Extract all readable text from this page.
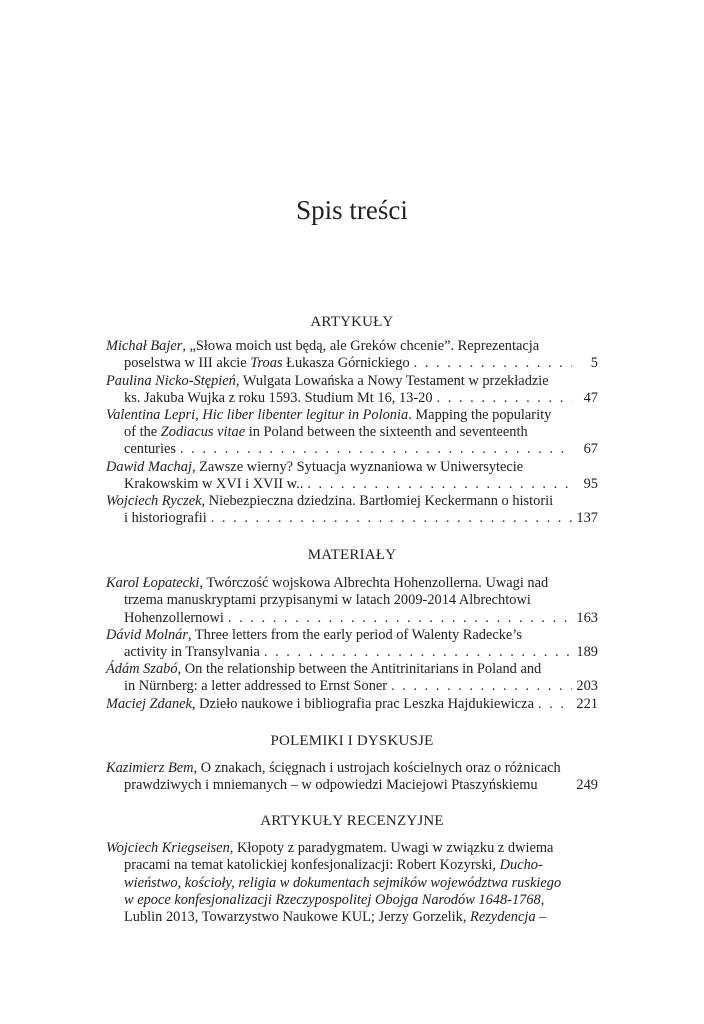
Spis treści
ARTYKUŁY
Michał Bajer, „Słowa moich ust będą, ale Greków chcenie”. Reprezentacja
poselstwa w III akcie Troas Łukasza Górnickiego . . .	5
Paulina Nicko-Stępień, Wulgata Lowańska a Nowy Testament w przekładzie
ks. Jakuba Wujka z roku 1593. Studium Mt 16, 13-20 . . .	47
Valentina Lepri, Hic liber libenter legitur in Polonia. Mapping the popularity
of the Zodiacus vitae in Poland between the sixteenth and seventeenth
centuries . . .	67
Dawid Machaj, Zawsze wierny? Sytuacja wyznaniowa w Uniwersytecie
Krakowskim w XVI i XVII w.. . . .	95
Wojciech Ryczek, Niebezpieczna dziedzina. Bartłomiej Keckermann o historii
i historiografii . . .	137
MATERIAŁY
Karol Łopatecki, Twórczość wojskowa Albrechta Hohenzollerna. Uwagi nad
trzema manuskryptami przypisanymi w latach 2009-2014 Albrechtowi
Hohenzollernowi . . .	163
Dávid Molnár, Three letters from the early period of Walenty Radecke’s
activity in Transylvania . . .	189
Ádám Szabó, On the relationship between the Antitrinitarians in Poland and
in Nürnberg: a letter addressed to Ernst Soner . . .	203
Maciej Zdanek, Dzieło naukowe i bibliografia prac Leszka Hajdukiewicza . . .	221
POLEMIKI I DYSKUSJE
Kazimierz Bem, O znakach, ścięgnach i ustrojach kościelnych oraz o różnicach
prawdziwych i mniemanych – w odpowiedzi Maciejowi Ptaszyńskiemu	249
ARTYKUŁY RECENZYJNE
Wojciech Kriegseisen, Kłopoty z paradygmatem. Uwagi w związku z dwiema
pracami na temat katolickiej konfesjonalizacji: Robert Kozyrski, Ducho-
wieństwo, kościoły, religia w dokumentach sejmików województwa ruskiego
w epoce konfesjonalizacji Rzeczypospolitej Obojga Narodów 1648-1768,
Lublin 2013, Towarzystwo Naukowe KUL; Jerzy Gorzelik, Rezydencja –
